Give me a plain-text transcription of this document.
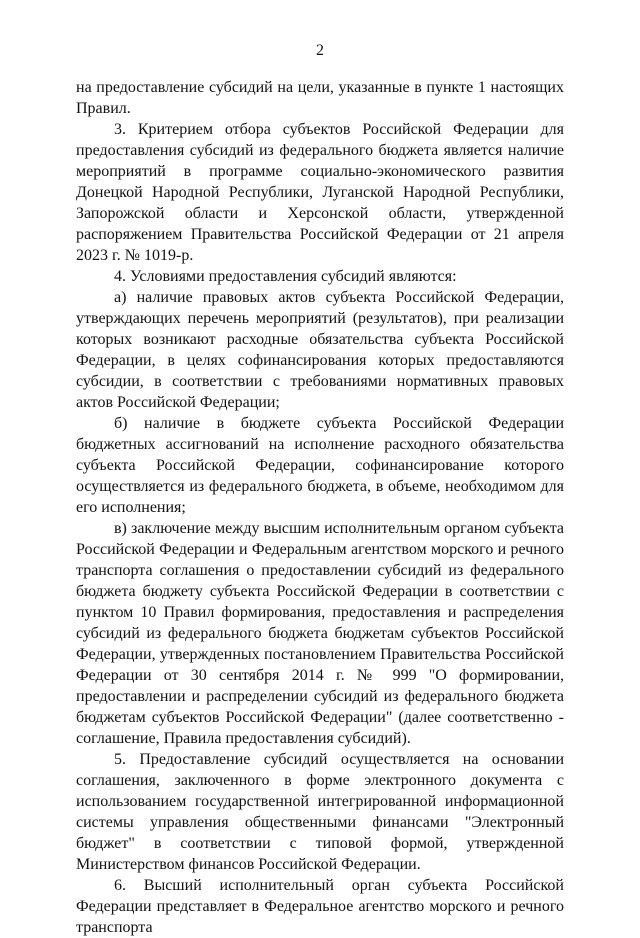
2

на предоставление субсидий на цели, указанные в пункте 1 настоящих Правил.

3. Критерием отбора субъектов Российской Федерации для предоставления субсидий из федерального бюджета является наличие мероприятий в программе социально-экономического развития Донецкой Народной Республики, Луганской Народной Республики, Запорожской области и Херсонской области, утвержденной распоряжением Правительства Российской Федерации от 21 апреля 2023 г. № 1019-р.

4. Условиями предоставления субсидий являются:

а) наличие правовых актов субъекта Российской Федерации, утверждающих перечень мероприятий (результатов), при реализации которых возникают расходные обязательства субъекта Российской Федерации, в целях софинансирования которых предоставляются субсидии, в соответствии с требованиями нормативных правовых актов Российской Федерации;

б) наличие в бюджете субъекта Российской Федерации бюджетных ассигнований на исполнение расходного обязательства субъекта Российской Федерации, софинансирование которого осуществляется из федерального бюджета, в объеме, необходимом для его исполнения;

в) заключение между высшим исполнительным органом субъекта Российской Федерации и Федеральным агентством морского и речного транспорта соглашения о предоставлении субсидий из федерального бюджета бюджету субъекта Российской Федерации в соответствии с пунктом 10 Правил формирования, предоставления и распределения субсидий из федерального бюджета бюджетам субъектов Российской Федерации, утвержденных постановлением Правительства Российской Федерации от 30 сентября 2014 г. № 999 "О формировании, предоставлении и распределении субсидий из федерального бюджета бюджетам субъектов Российской Федерации" (далее соответственно - соглашение, Правила предоставления субсидий).

5. Предоставление субсидий осуществляется на основании соглашения, заключенного в форме электронного документа с использованием государственной интегрированной информационной системы управления общественными финансами "Электронный бюджет" в соответствии с типовой формой, утвержденной Министерством финансов Российской Федерации.

6. Высший исполнительный орган субъекта Российской Федерации представляет в Федеральное агентство морского и речного транспорта
